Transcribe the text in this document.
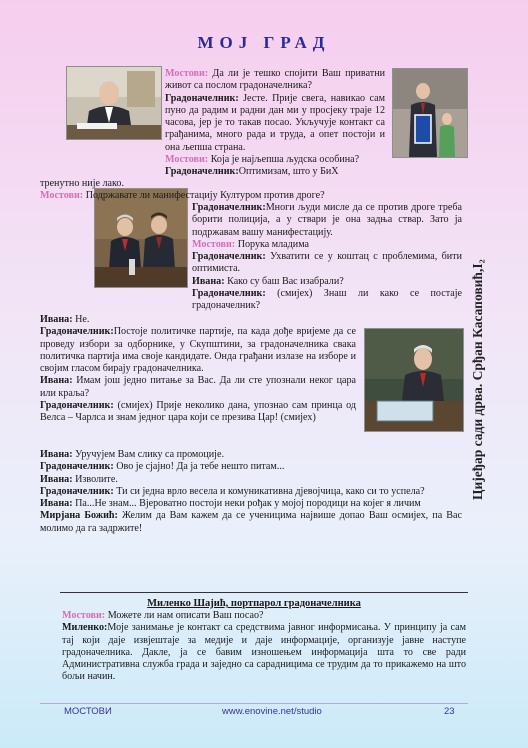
МОЈ ГРАД

Мостови: Да ли је тешко спојити Ваш приватни живот са послом градоначелника?
Градоначелник: Јесте. Прије свега, навикао сам пуно да радим и радни дан ми у просјеку траје 12 часова, јер је то такав посао. Укључује контакт са грађанима, много рада и труда, а опет постоји и она љепша страна.
Мостови: Која је најљепша људска особина?
Градоначелник:Оптимизам, што у БиХ

тренутно није лако.
Мостови: Подржавате ли манифестацију Културом против дроге?

Градоначелник:Многи људи мисле да се против дроге треба борити полиција, а у ствари је она задња ствар. Зато ја подржавам вашу манифестацију.
Мостови: Порука младима
Градоначелник: Ухватити се у коштац с проблемима, бити оптимиста.
Ивана: Како су баш Вас изабрали?
Градоначелник: (смијех) Знаш ли како се постаје градоначелник?

Ивана: Не.
Градоначелник:Постоје политичке партије, па када дође вријеме да се проведу избори за одборнике, у Скупштини, за градоначелника свака политичка партија има своје кандидате. Онда грађани излазе на изборе и својим гласом бирају градоначелника.
Ивана: Имам још једно питање за Вас. Да ли сте упознали неког цара или краља?
Градоначелник: (смијех) Прије неколико дана, упознао сам принца од Велса – Чарлса и знам једног цара који се презива Цар! (смијех)

Ивана: Уручујем Вам слику са промоције.
Градоначелник: Ово је сјајно! Да ја тебе нешто питам...
Ивана: Изволите.
Градоначелник: Ти си једна врло весела и комуникативна дјевојчица, како си то успела?
Ивана: Па...Не знам... Вјероватно постоји неки рођак у мојој породици на којег я личим
Мирјана Божић: Желим да Вам кажем да се ученицима највише допао Ваш осмијех, па Вас молимо да га задржите!

Цијеђар сади дрва. Срђан Касаповић,I₂
Миленко Шајић, портпарол градоначелника

Мостови: Можете ли нам описати Ваш посао?
Миленко:Моје занимање је контакт са средствима јавног информисања. У принципу ја сам тај који даје извјештаје за медије и даје информације, организује јавне наступе градоначелника. Дакле, ја се бавим изношењем информација шта то све ради Административна служба града и заједно са сарадницима се трудим да то прикажемо на што бољи начин.

МОСТОВИ	www.enovine.net/studio	23
